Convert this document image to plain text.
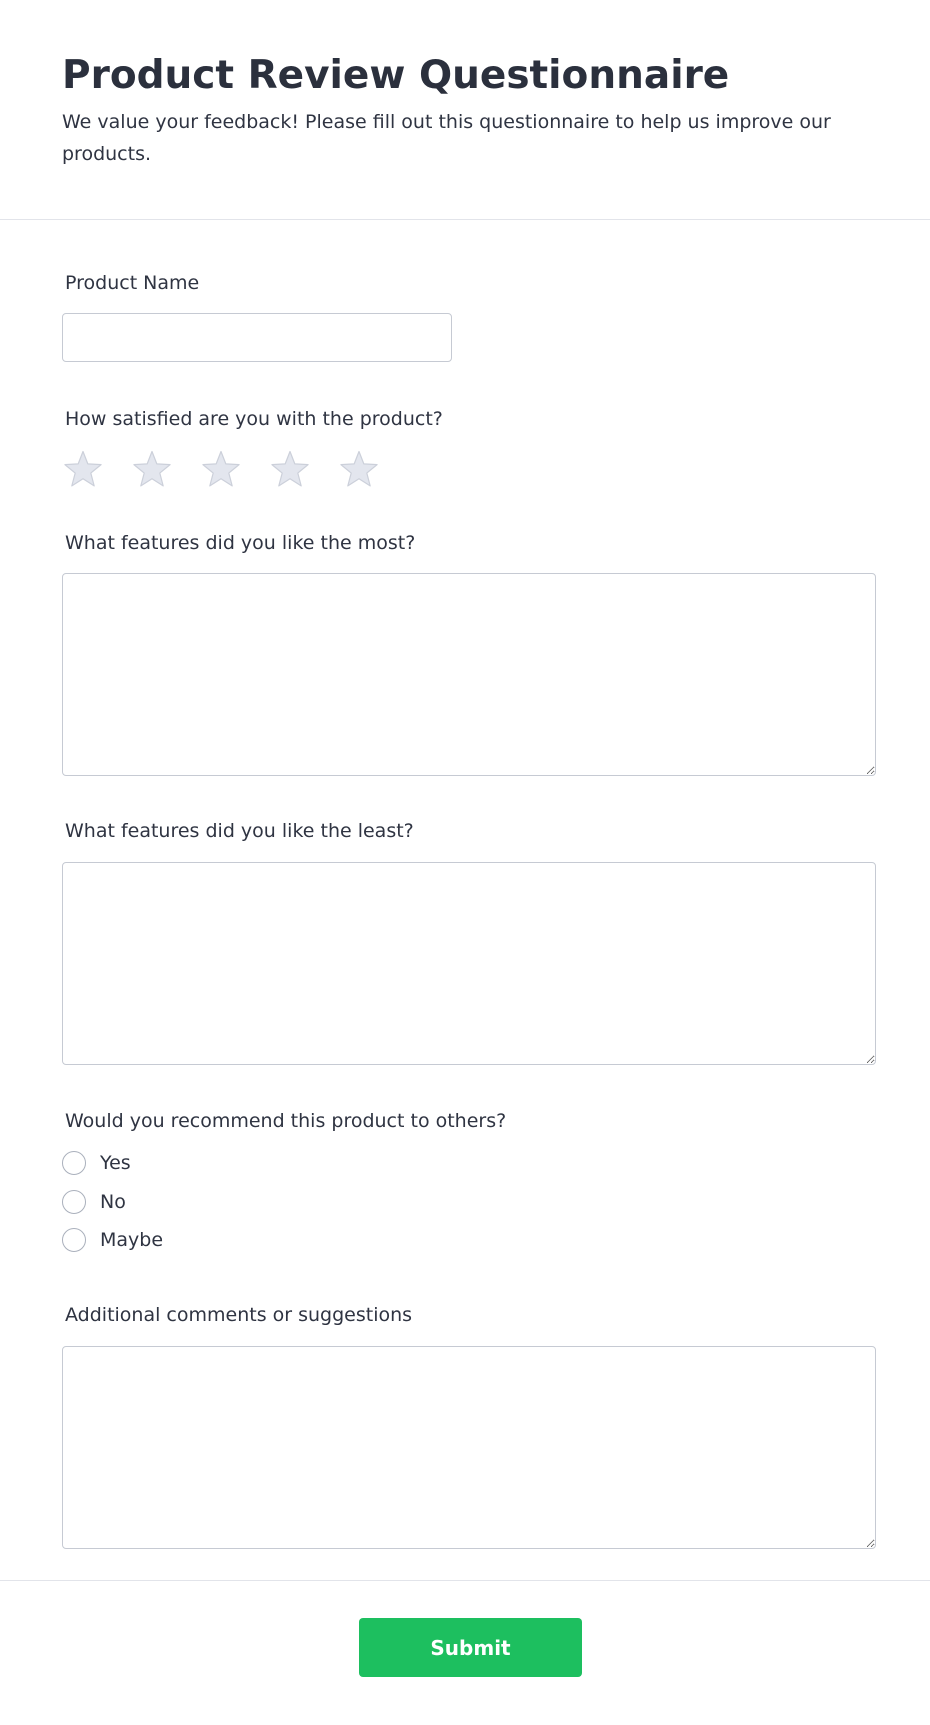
Product Review Questionnaire

We value your feedback! Please fill out this questionnaire to help us improve our products.

Product Name
How satisfied are you with the product?
What features did you like the most?
What features did you like the least?
Would you recommend this product to others?
Yes
No
Maybe
Additional comments or suggestions
Submit
